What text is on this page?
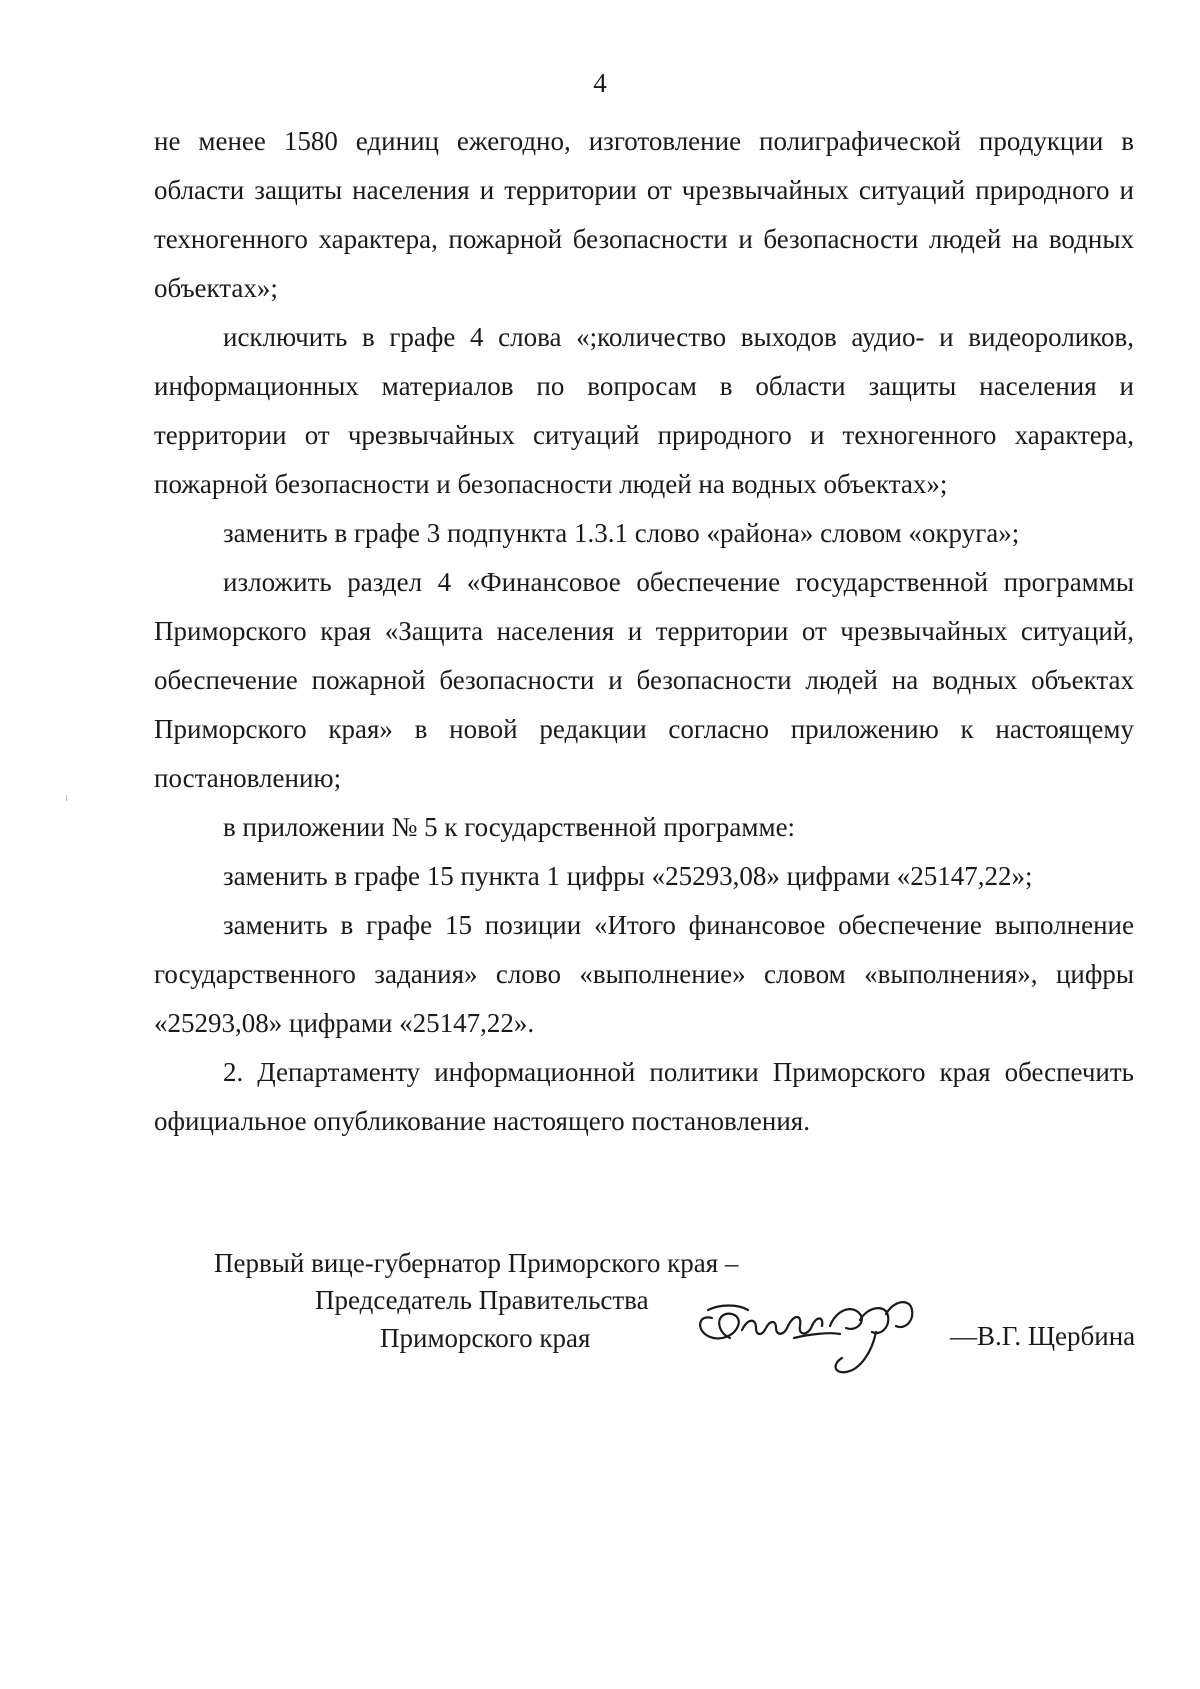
4

не менее 1580 единиц ежегодно, изготовление полиграфической продукции в области защиты населения и территории от чрезвычайных ситуаций природного и техногенного характера, пожарной безопасности и безопасности людей на водных объектах»;

исключить в графе 4 слова «;количество выходов аудио- и видеороликов, информационных материалов по вопросам в области защиты населения и территории от чрезвычайных ситуаций природного и техногенного характера, пожарной безопасности и безопасности людей на водных объектах»;

заменить в графе 3 подпункта 1.3.1 слово «района» словом «округа»;

изложить раздел 4 «Финансовое обеспечение государственной программы Приморского края «Защита населения и территории от чрезвычайных ситуаций, обеспечение пожарной безопасности и безопасности людей на водных объектах Приморского края» в новой редакции согласно приложению к настоящему постановлению;

в приложении № 5 к государственной программе:

заменить в графе 15 пункта 1 цифры «25293,08» цифрами «25147,22»;

заменить в графе 15 позиции «Итого финансовое обеспечение выполнение государственного задания» слово «выполнение» словом «выполнения», цифры «25293,08» цифрами «25147,22».

2. Департаменту информационной политики Приморского края обеспечить официальное опубликование настоящего постановления.

Первый вице-губернатор Приморского края –
Председатель Правительства
Приморского края	—В.Г. Щербина
